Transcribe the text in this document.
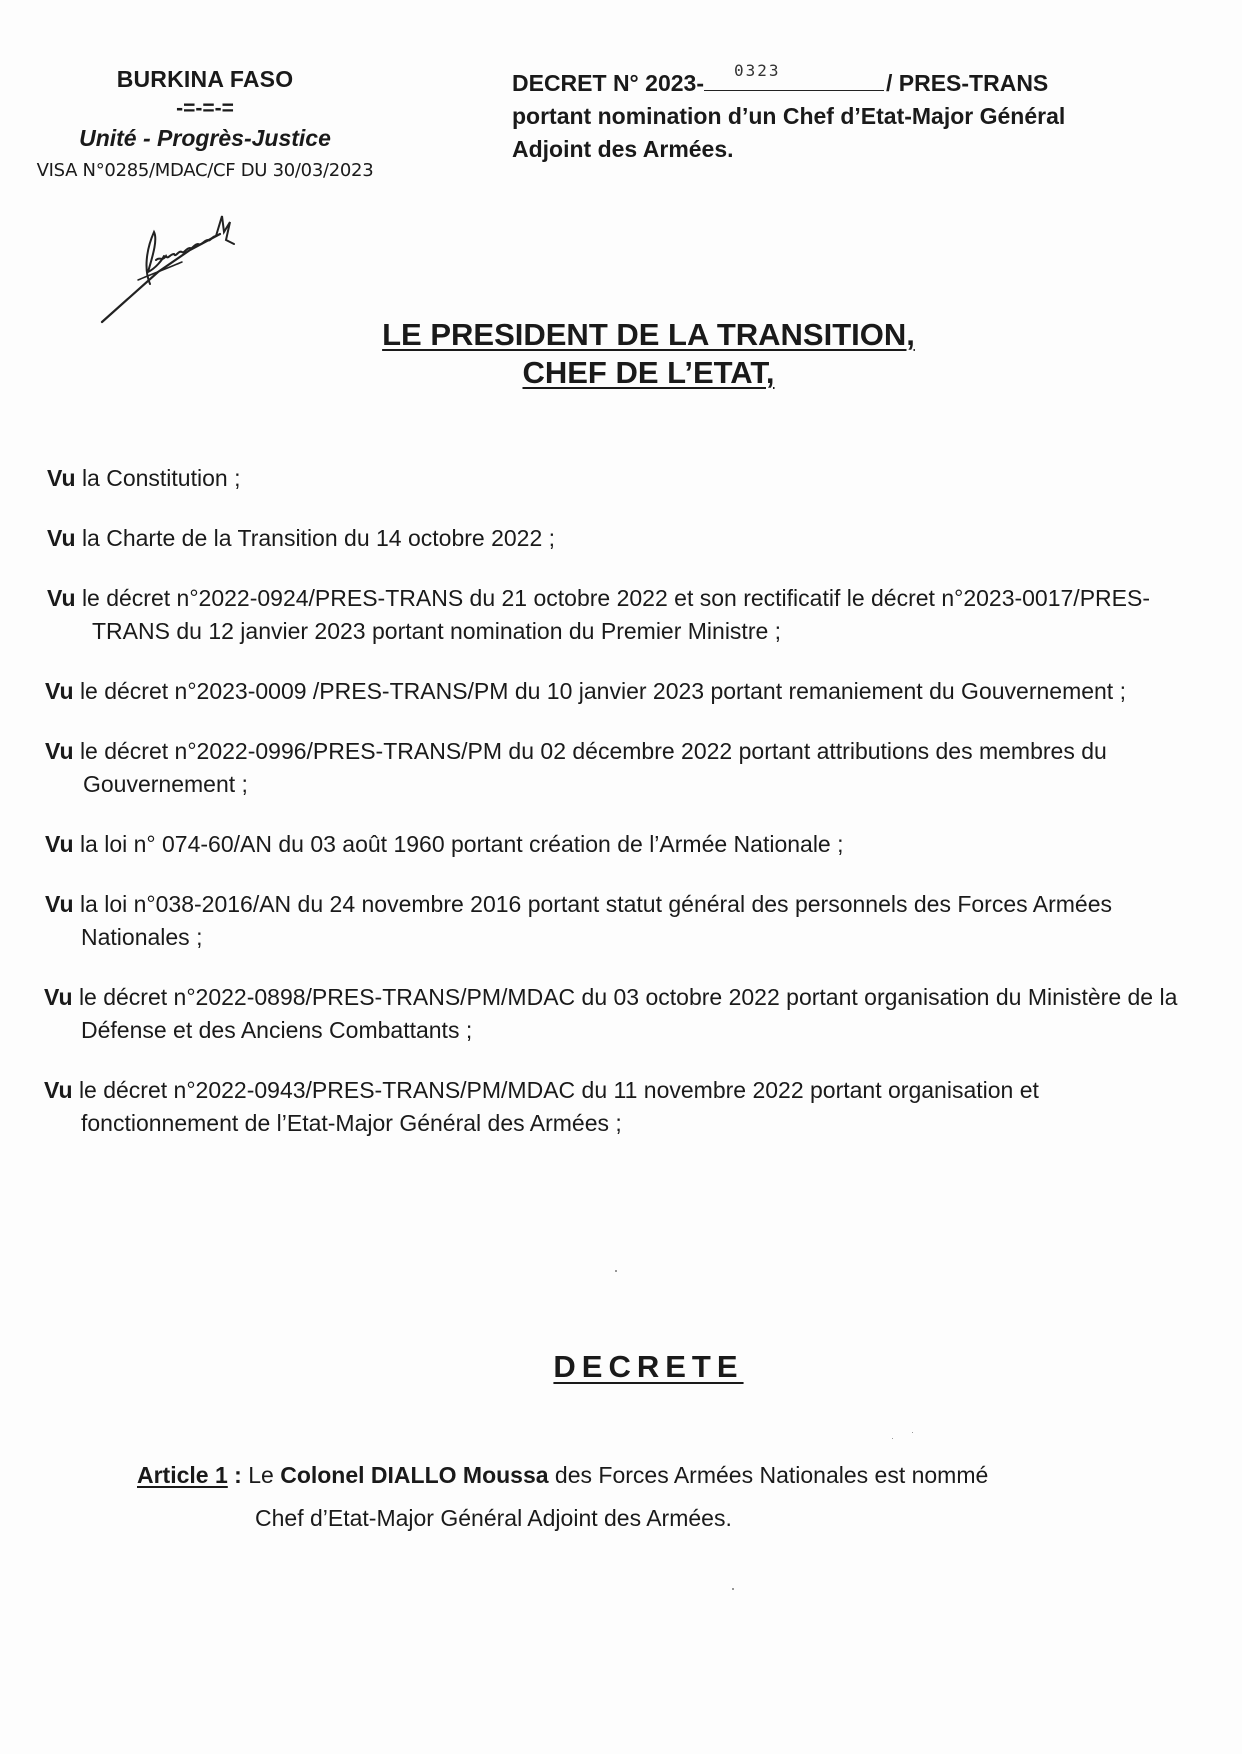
BURKINA FASO
-=-=-=
Unité - Progrès-Justice
VISA N°0285/MDAC/CF DU 30/03/2023
DECRET N° 2023- 0323	/ PRES-TRANS
portant nomination d’un Chef d’Etat-Major Général
Adjoint des Armées.
LE PRESIDENT DE LA TRANSITION,
CHEF DE L’ETAT,
Vu la Constitution ;
Vu la Charte de la Transition du 14 octobre 2022 ;
Vu le décret n°2022-0924/PRES-TRANS du 21 octobre 2022 et son rectificatif le décret n°2023-0017/PRES-TRANS du 12 janvier 2023 portant nomination du Premier Ministre ;
Vu le décret n°2023-0009 /PRES-TRANS/PM du 10 janvier 2023 portant remaniement du Gouvernement ;
Vu le décret n°2022-0996/PRES-TRANS/PM du 02 décembre 2022 portant attributions des membres du Gouvernement ;
Vu la loi n° 074-60/AN du 03 août 1960 portant création de l’Armée Nationale ;
Vu la loi n°038-2016/AN du 24 novembre 2016 portant statut général des personnels des Forces Armées Nationales ;
Vu le décret n°2022-0898/PRES-TRANS/PM/MDAC du 03 octobre 2022 portant organisation du Ministère de la Défense et des Anciens Combattants ;
Vu le décret n°2022-0943/PRES-TRANS/PM/MDAC du 11 novembre 2022 portant organisation et fonctionnement de l’Etat-Major Général des Armées ;
DECRETE
Article 1 : Le Colonel DIALLO Moussa des Forces Armées Nationales est nommé
Chef d’Etat-Major Général Adjoint des Armées.
